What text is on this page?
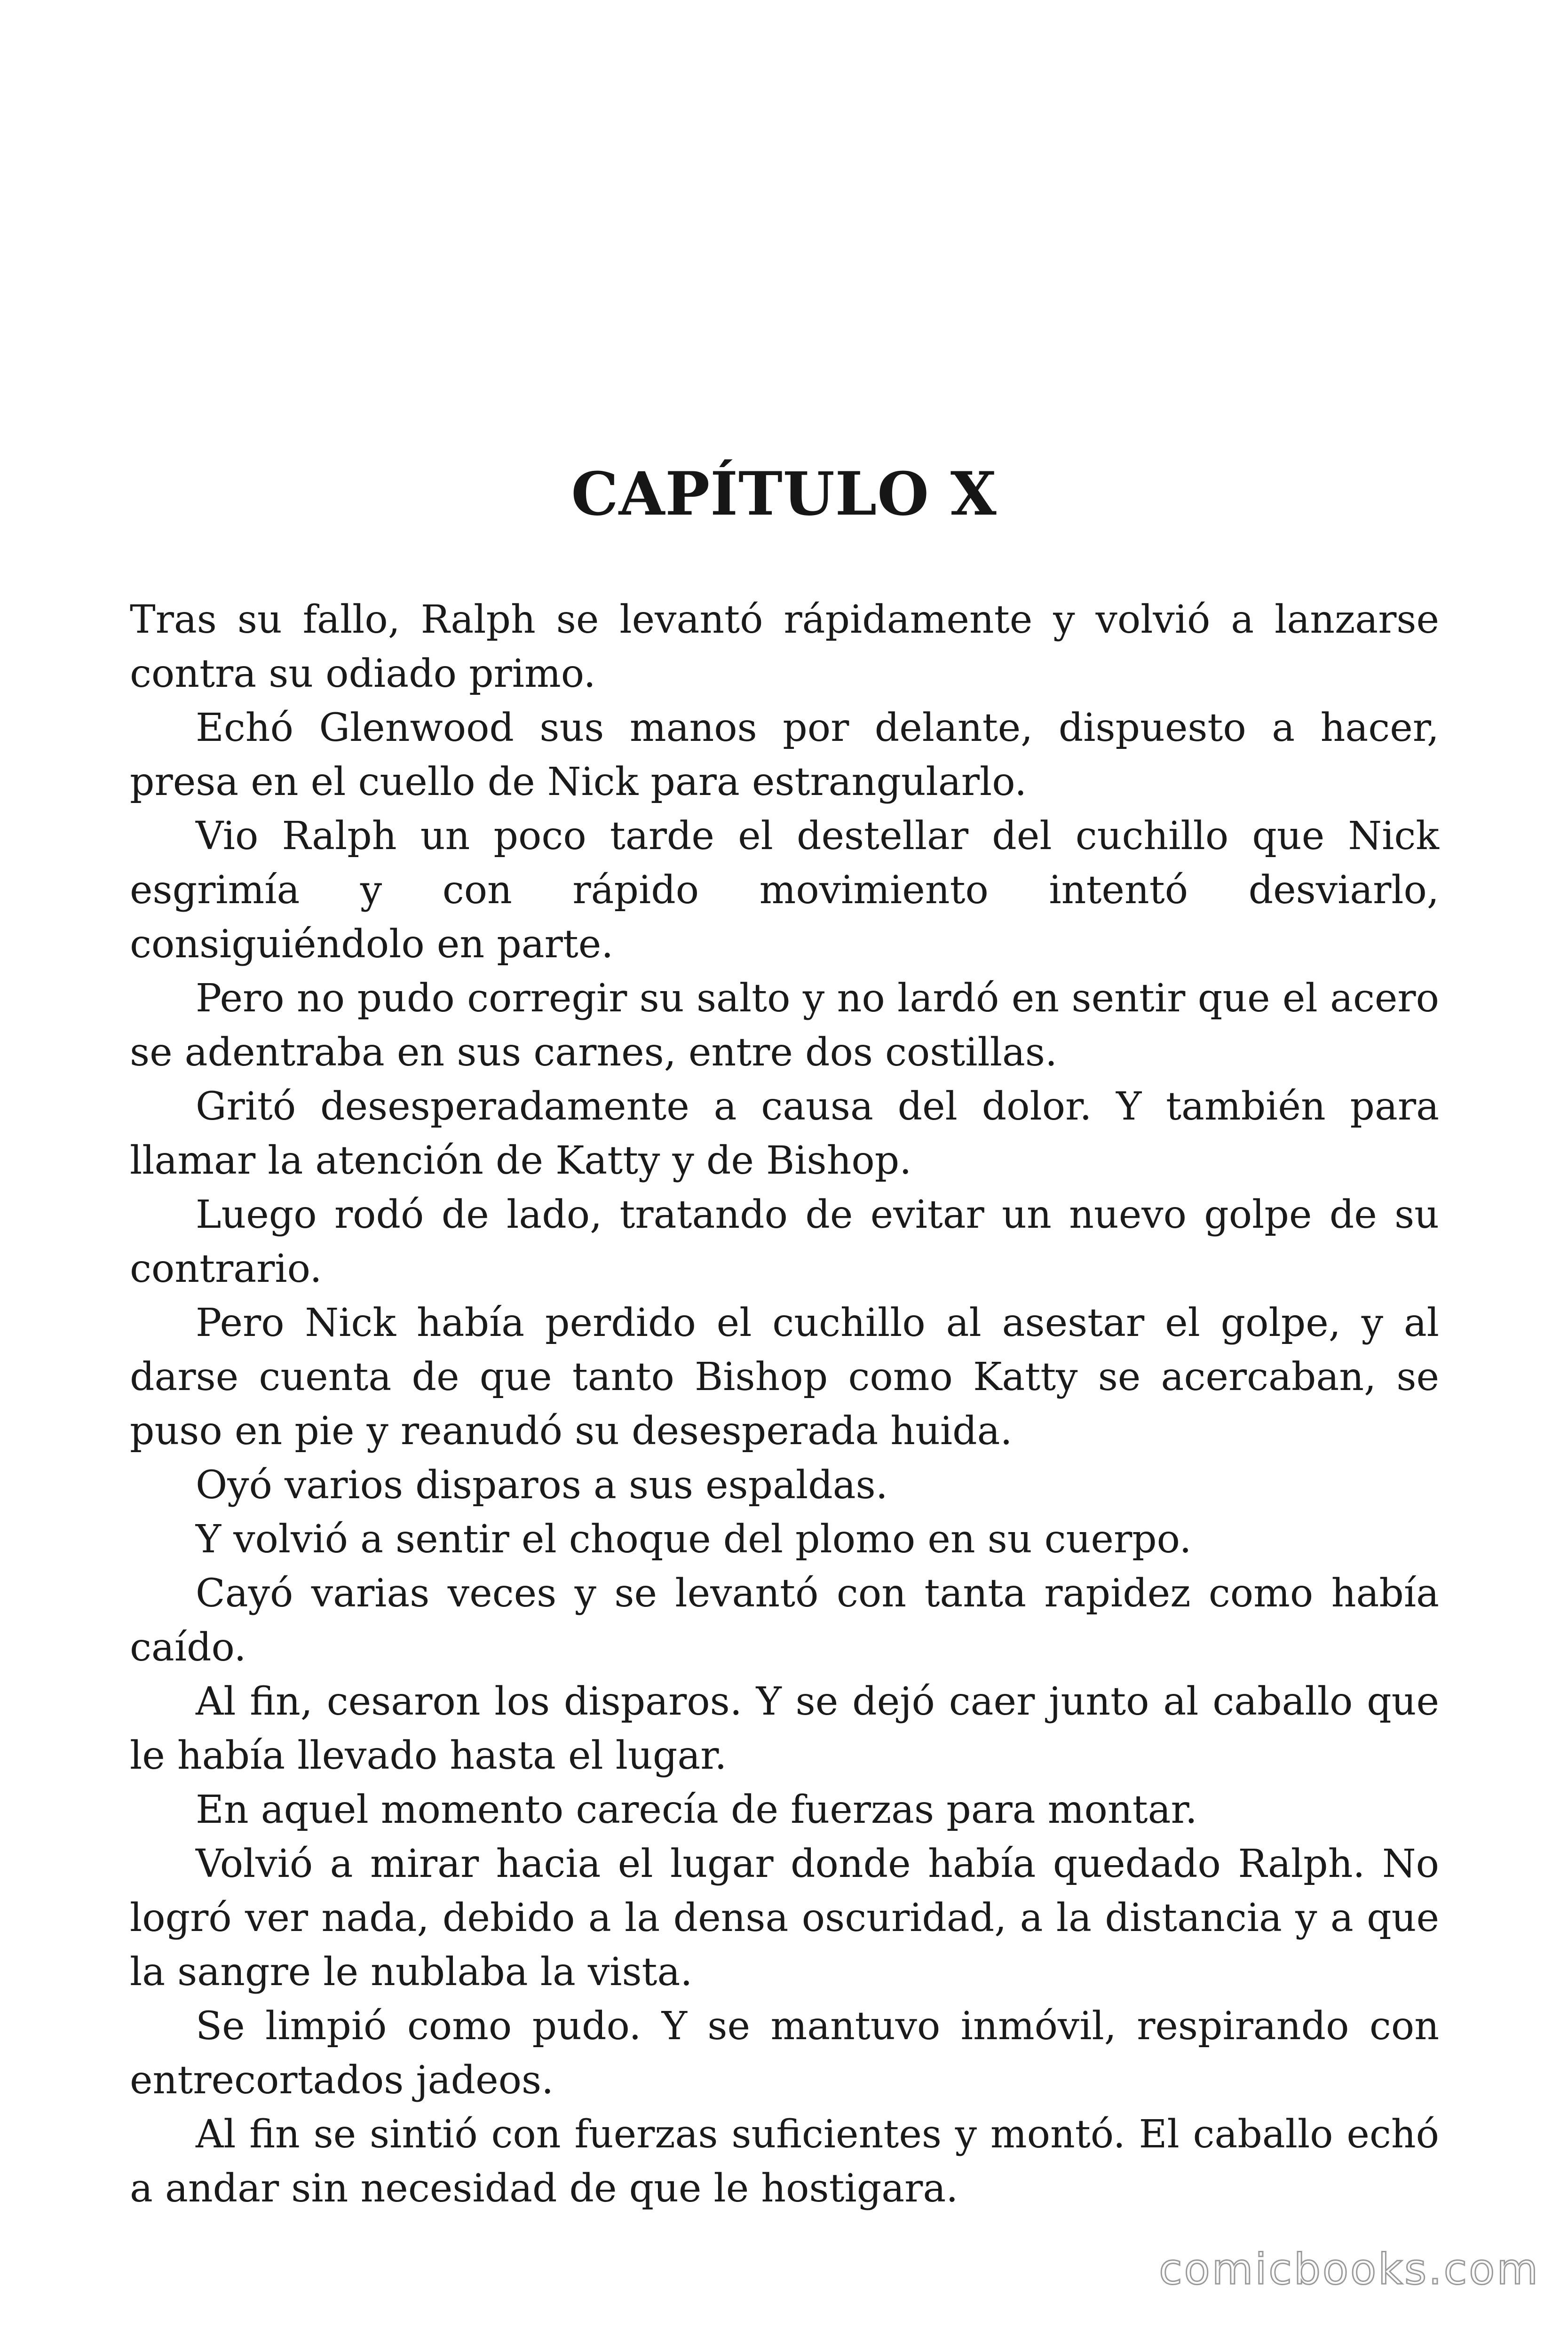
CAPÍTULO X

Tras su fallo, Ralph se levantó rápidamente y volvió a lanzarse contra su odiado primo.

Echó Glenwood sus manos por delante, dispuesto a hacer, presa en el cuello de Nick para estrangularlo.

Vio Ralph un poco tarde el destellar del cuchillo que Nick esgrimía y con rápido movimiento intentó desviarlo, consiguiéndolo en parte.

Pero no pudo corregir su salto y no lardó en sentir que el acero se adentraba en sus carnes, entre dos costillas.

Gritó desesperadamente a causa del dolor. Y también para llamar la atención de Katty y de Bishop.

Luego rodó de lado, tratando de evitar un nuevo golpe de su contrario.

Pero Nick había perdido el cuchillo al asestar el golpe, y al darse cuenta de que tanto Bishop como Katty se acercaban, se puso en pie y reanudó su desesperada huida.

Oyó varios disparos a sus espaldas.

Y volvió a sentir el choque del plomo en su cuerpo.

Cayó varias veces y se levantó con tanta rapidez como había caído.

Al fin, cesaron los disparos. Y se dejó caer junto al caballo que le había llevado hasta el lugar.

En aquel momento carecía de fuerzas para montar.

Volvió a mirar hacia el lugar donde había quedado Ralph. No logró ver nada, debido a la densa oscuridad, a la distancia y a que la sangre le nublaba la vista.

Se limpió como pudo. Y se mantuvo inmóvil, respirando con entrecortados jadeos.

Al fin se sintió con fuerzas suficientes y montó. El caballo echó a andar sin necesidad de que le hostigara.

comicbooks.com
